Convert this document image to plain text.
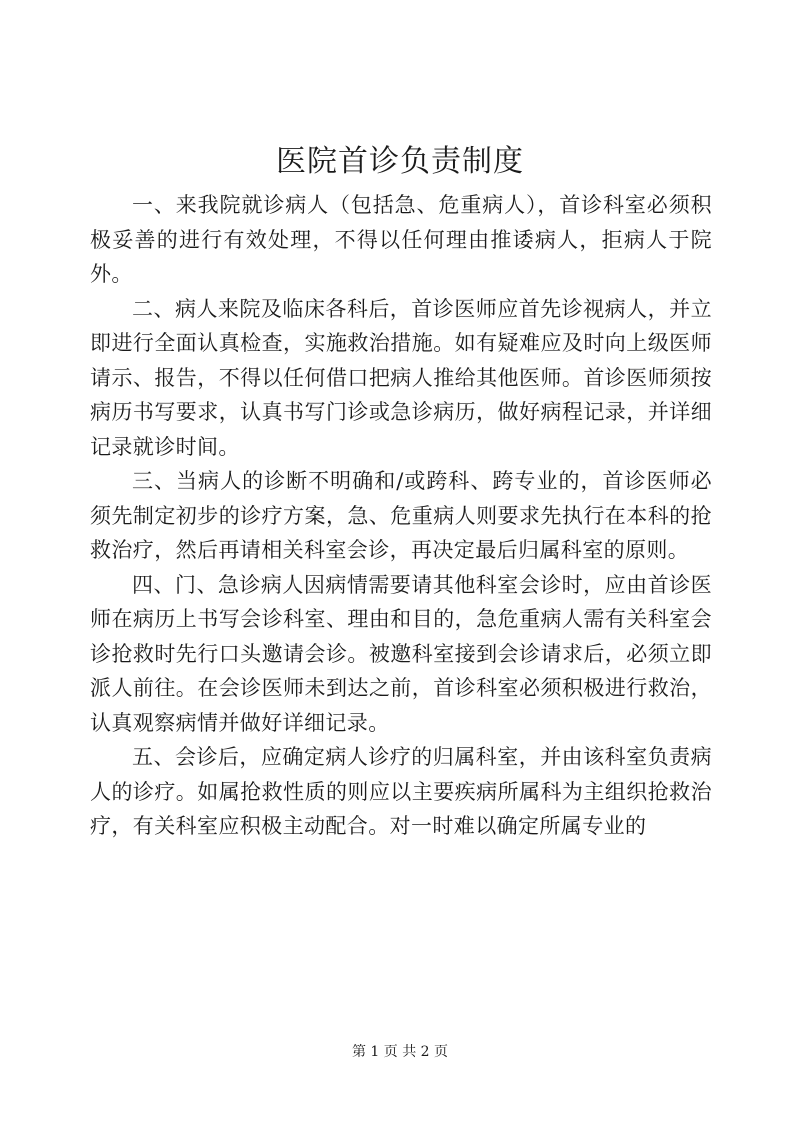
医院首诊负责制度

一、来我院就诊病人（包括急、危重病人），首诊科室必须积极妥善的进行有效处理，不得以任何理由推诿病人，拒病人于院外。

二、病人来院及临床各科后，首诊医师应首先诊视病人，并立即进行全面认真检查，实施救治措施。如有疑难应及时向上级医师请示、报告，不得以任何借口把病人推给其他医师。首诊医师须按病历书写要求，认真书写门诊或急诊病历，做好病程记录，并详细记录就诊时间。

三、当病人的诊断不明确和/或跨科、跨专业的，首诊医师必须先制定初步的诊疗方案，急、危重病人则要求先执行在本科的抢救治疗，然后再请相关科室会诊，再决定最后归属科室的原则。

四、门、急诊病人因病情需要请其他科室会诊时，应由首诊医师在病历上书写会诊科室、理由和目的，急危重病人需有关科室会诊抢救时先行口头邀请会诊。被邀科室接到会诊请求后，必须立即派人前往。在会诊医师未到达之前，首诊科室必须积极进行救治，认真观察病情并做好详细记录。

五、会诊后，应确定病人诊疗的归属科室，并由该科室负责病人的诊疗。如属抢救性质的则应以主要疾病所属科为主组织抢救治疗，有关科室应积极主动配合。对一时难以确定所属专业的

第 1 页 共 2 页
